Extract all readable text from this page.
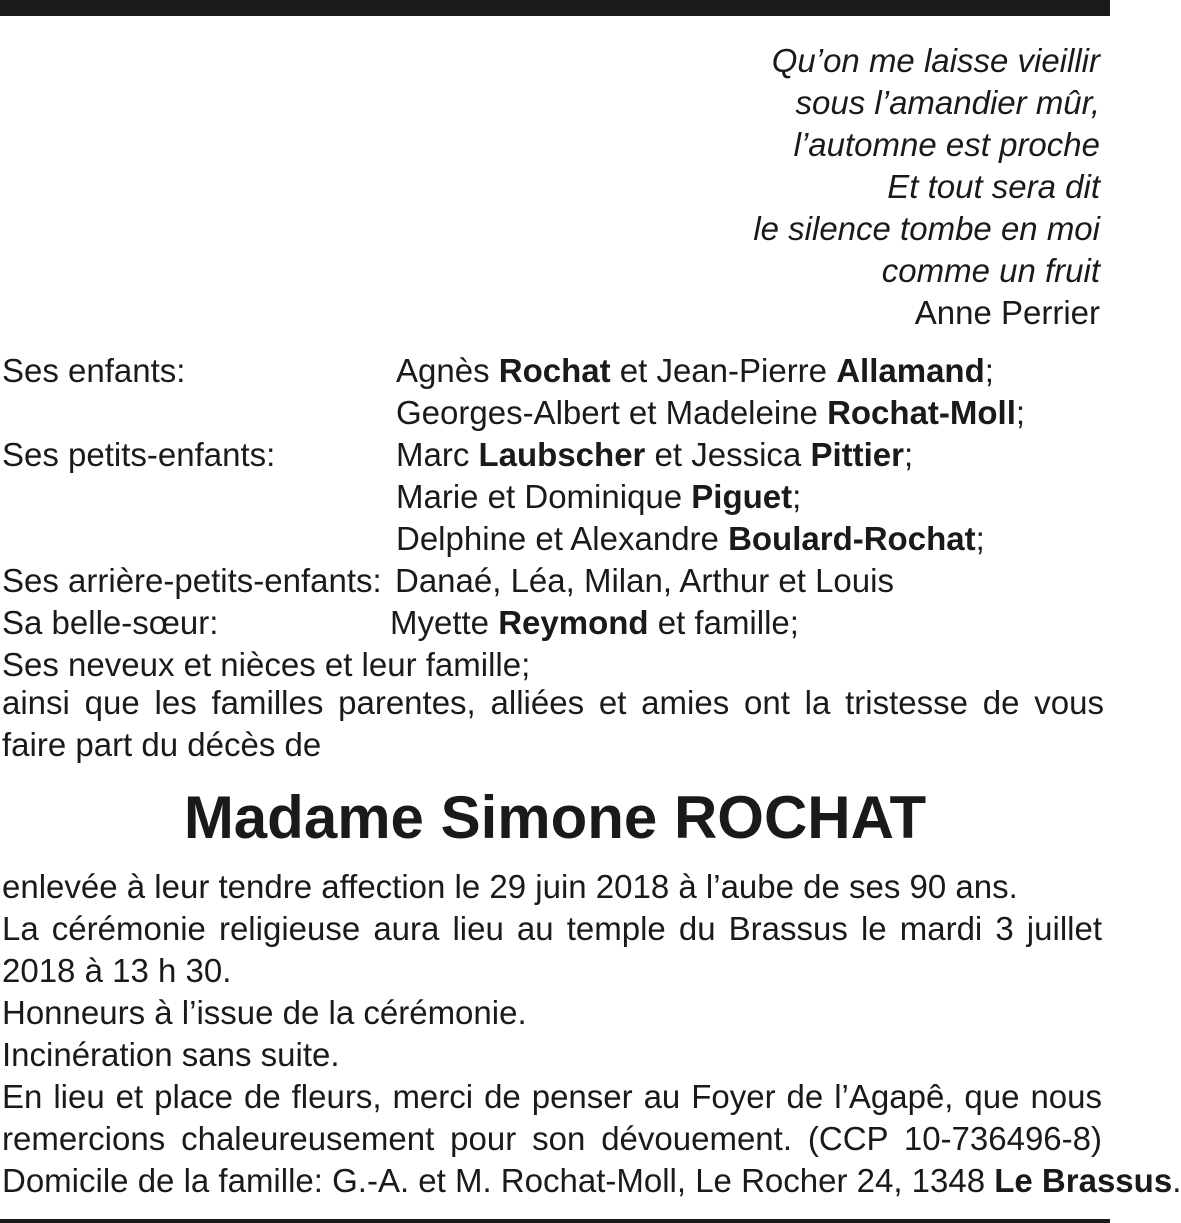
Qu’on me laisse vieillir
sous l’amandier mûr,
l’automne est proche
Et tout sera dit
le silence tombe en moi
comme un fruit
Anne Perrier
Ses enfants:	Agnès Rochat et Jean-Pierre Allamand;
Georges-Albert et Madeleine Rochat-Moll;
Ses petits-enfants:	Marc Laubscher et Jessica Pittier;
Marie et Dominique Piguet;
Delphine et Alexandre Boulard-Rochat;
Ses arrière-petits-enfants: Danaé, Léa, Milan, Arthur et Louis
Sa belle-sœur:	Myette Reymond et famille;
Ses neveux et nièces et leur famille;
ainsi que les familles parentes, alliées et amies ont la tristesse de vous faire part du décès de
Madame Simone ROCHAT

enlevée à leur tendre affection le 29 juin 2018 à l’aube de ses 90 ans.

La cérémonie religieuse aura lieu au temple du Brassus le mardi 3 juillet 2018 à 13 h 30.

Honneurs à l’issue de la cérémonie.

Incinération sans suite.

En lieu et place de fleurs, merci de penser au Foyer de l’Agapê, que nous remercions chaleureusement pour son dévouement. (CCP 10-736496-8)

Domicile de la famille: G.-A. et M. Rochat-Moll, Le Rocher 24, 1348 Le Brassus.
